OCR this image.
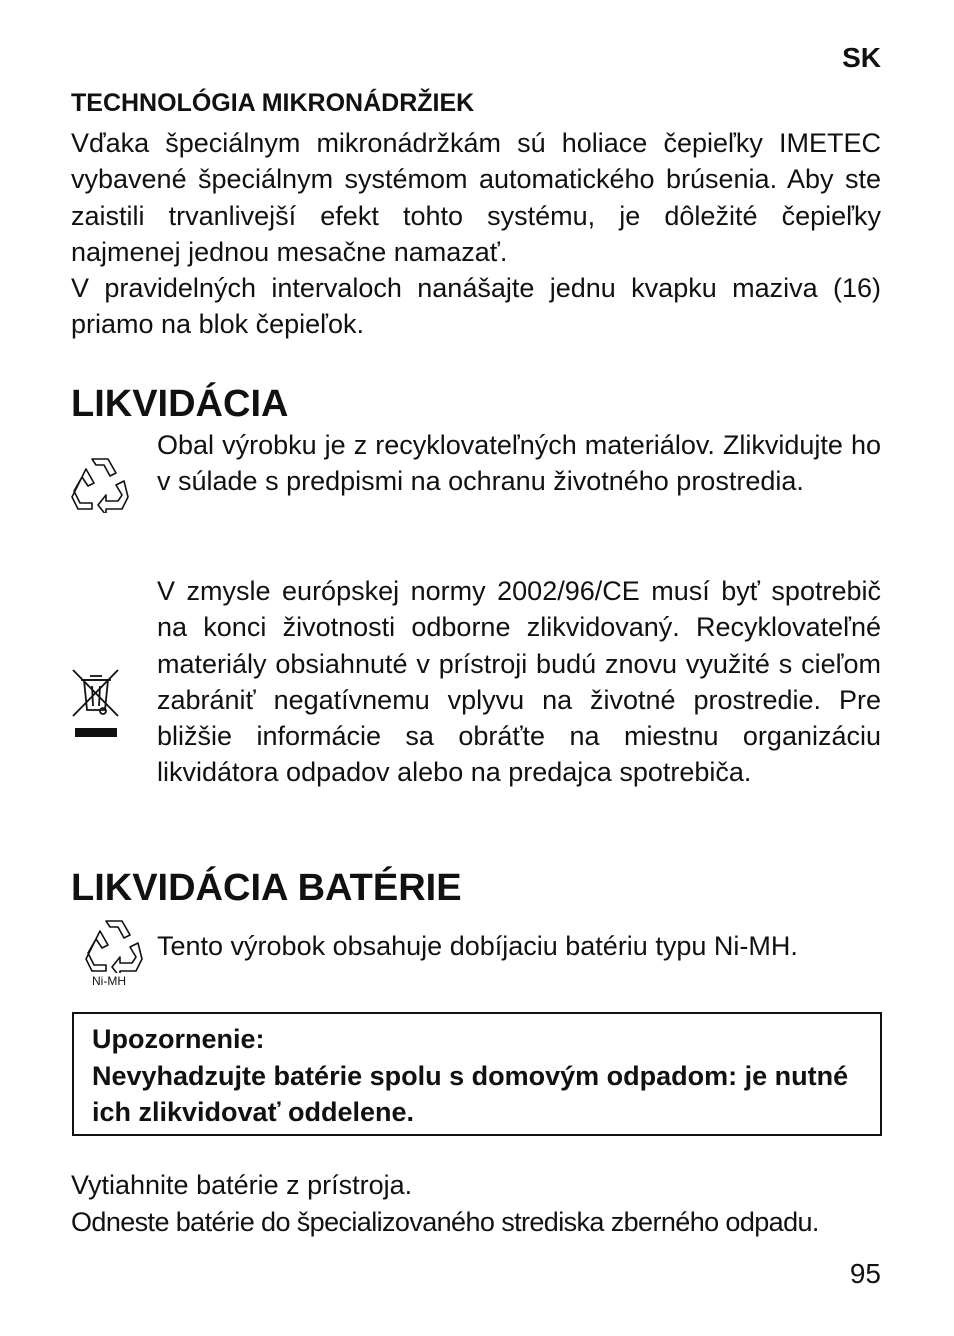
SK
TECHNOLÓGIA MIKRONÁDRŽIEK

Vďaka špeciálnym mikronádržkám sú holiace čepieľky IMETEC vybavené špeciálnym systémom automatického brúsenia. Aby ste zaistili trvanlivejší efekt tohto systému, je dôležité čepieľky najmenej jednou mesačne namazať.

V pravidelných intervaloch nanášajte jednu kvapku maziva (16) priamo na blok čepieľok.

LIKVIDÁCIA

Obal výrobku je z recyklovateľných materiálov. Zlikvidujte ho v súlade s predpismi na ochranu životného prostredia.

V zmysle európskej normy 2002/96/CE musí byť spotrebič na konci životnosti odborne zlikvidovaný. Recyklovateľné materiály obsiahnuté v prístroji budú znovu využité s cieľom zabrániť negatívnemu vplyvu na životné prostredie. Pre bližšie informácie sa obráťte na miestnu organizáciu likvidátora odpadov alebo na predajca spotrebiča.

LIKVIDÁCIA BATÉRIE
Ni-MH

Tento výrobok obsahuje dobíjaciu batériu typu Ni-MH.

Upozornenie:

Nevyhadzujte batérie spolu s domovým odpadom: je nutné ich zlikvidovať oddelene.

Vytiahnite batérie z prístroja.
Odneste batérie do špecializovaného strediska zberného odpadu.
95
